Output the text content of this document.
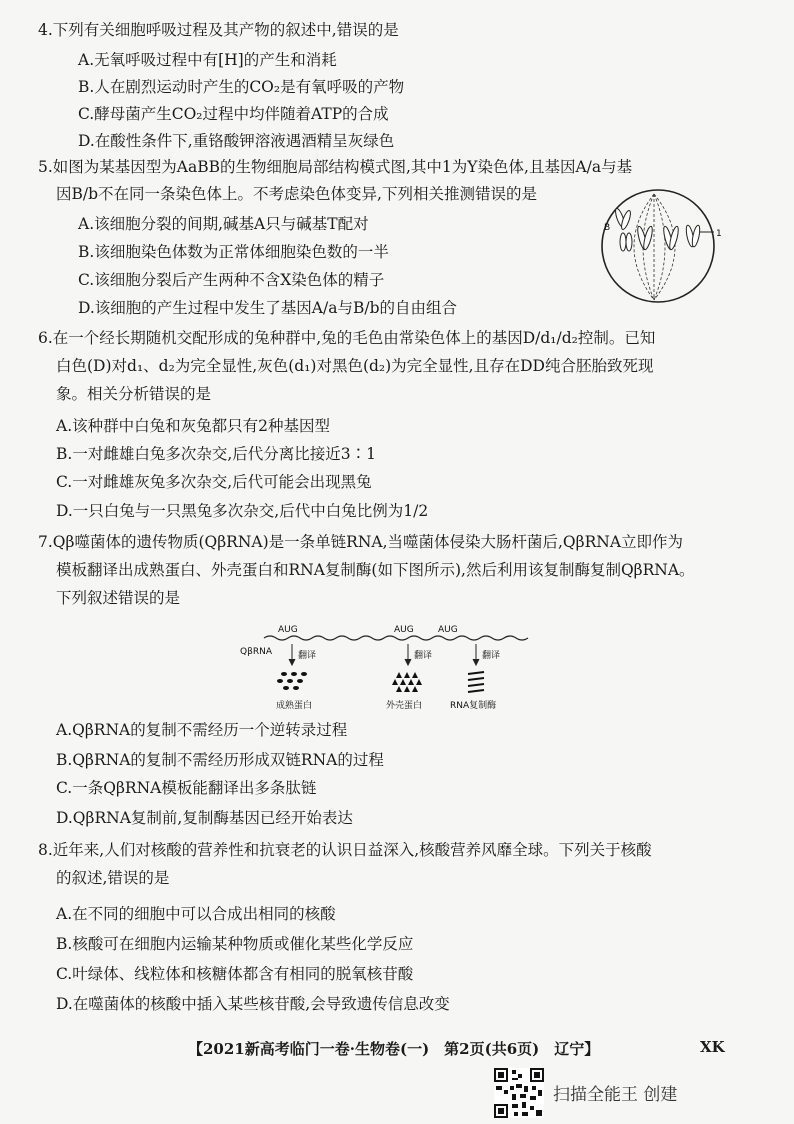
4.下列有关细胞呼吸过程及其产物的叙述中,错误的是
A.无氧呼吸过程中有[H]的产生和消耗
B.人在剧烈运动时产生的CO₂是有氧呼吸的产物
C.酵母菌产生CO₂过程中均伴随着ATP的合成
D.在酸性条件下,重铬酸钾溶液遇酒精呈灰绿色
5.如图为某基因型为AaBB的生物细胞局部结构模式图,其中1为Y染色体,且基因A/a与基
因B/b不在同一条染色体上。不考虑染色体变异,下列相关推测错误的是
A.该细胞分裂的间期,碱基A只与碱基T配对
B.该细胞染色体数为正常体细胞染色数的一半
C.该细胞分裂后产生两种不含X染色体的精子
D.该细胞的产生过程中发生了基因A/a与B/b的自由组合
1
B
6.在一个经长期随机交配形成的兔种群中,兔的毛色由常染色体上的基因D/d₁/d₂控制。已知
白色(D)对d₁、d₂为完全显性,灰色(d₁)对黑色(d₂)为完全显性,且存在DD纯合胚胎致死现
象。相关分析错误的是
A.该种群中白兔和灰兔都只有2种基因型
B.一对雌雄白兔多次杂交,后代分离比接近3∶1
C.一对雌雄灰兔多次杂交,后代可能会出现黑兔
D.一只白兔与一只黑兔多次杂交,后代中白兔比例为1/2
7.Qβ噬菌体的遗传物质(QβRNA)是一条单链RNA,当噬菌体侵染大肠杆菌后,QβRNA立即作为
模板翻译出成熟蛋白、外壳蛋白和RNA复制酶(如下图所示),然后利用该复制酶复制QβRNA。
下列叙述错误的是
QβRNA
AUG	AUG	AUG
翻译	翻译	翻译
成熟蛋白	外壳蛋白	RNA复制酶
A.QβRNA的复制不需经历一个逆转录过程
B.QβRNA的复制不需经历形成双链RNA的过程
C.一条QβRNA模板能翻译出多条肽链
D.QβRNA复制前,复制酶基因已经开始表达
8.近年来,人们对核酸的营养性和抗衰老的认识日益深入,核酸营养风靡全球。下列关于核酸
的叙述,错误的是
A.在不同的细胞中可以合成出相同的核酸
B.核酸可在细胞内运输某种物质或催化某些化学反应
C.叶绿体、线粒体和核糖体都含有相同的脱氧核苷酸
D.在噬菌体的核酸中插入某些核苷酸,会导致遗传信息改变
【2021新高考临门一卷·生物卷(一)　第2页(共6页)　辽宁】	XK
扫描全能王 创建
